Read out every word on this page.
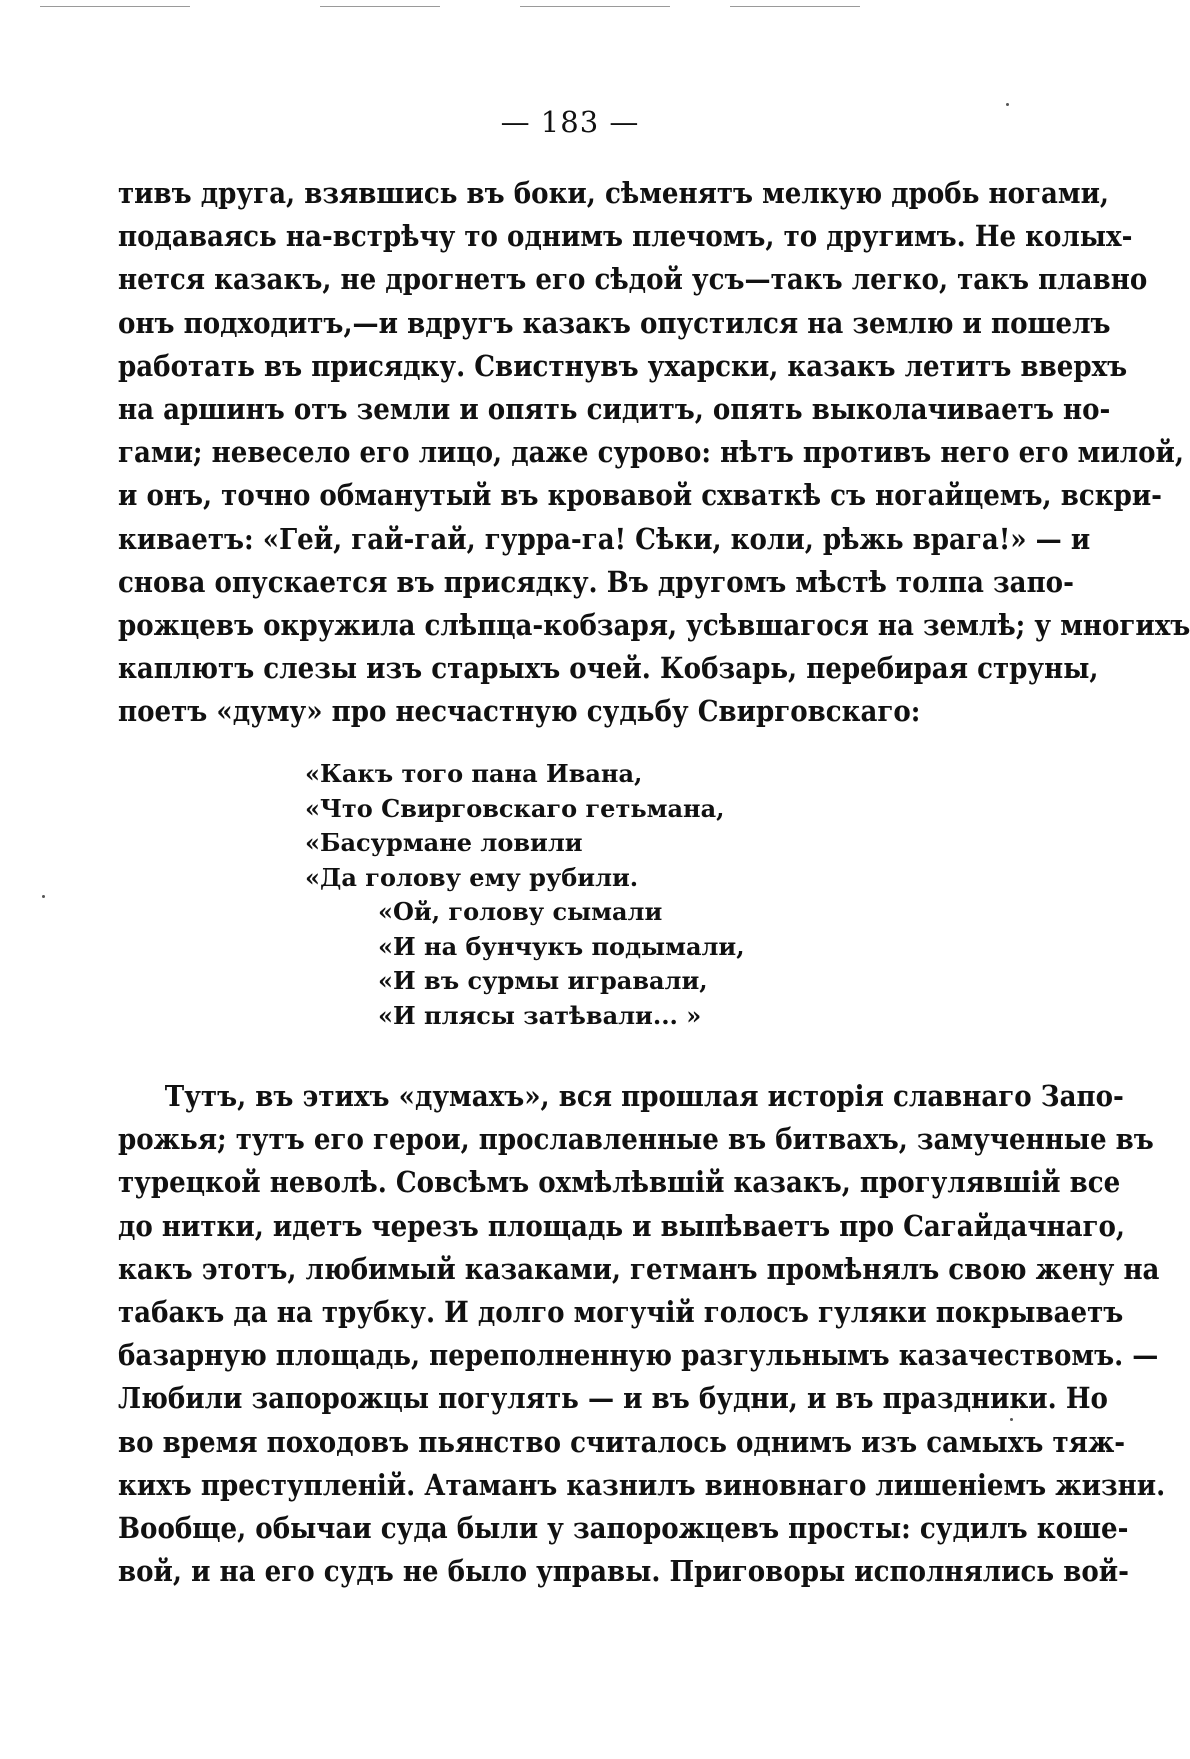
— 183 —
тивъ друга, взявшись въ боки, сѣменятъ мелкую дробь ногами,
подаваясь на-встрѣчу то однимъ плечомъ, то другимъ. Не колых-
нется казакъ, не дрогнетъ его сѣдой усъ—такъ легко, такъ плавно
онъ подходитъ,—и вдругъ казакъ опустился на землю и пошелъ
работать въ присядку. Свистнувъ ухарски, казакъ летитъ вверхъ
на аршинъ отъ земли и опять сидитъ, опять выколачиваетъ но-
гами; невесело его лицо, даже сурово: нѣтъ противъ него его милой,
и онъ, точно обманутый въ кровавой схваткѣ съ ногайцемъ, вскри-
киваетъ: «Гей, гай-гай, гурра-га! Сѣки, коли, рѣжь врага!» — и
снова опускается въ присядку. Въ другомъ мѣстѣ толпа запо-
рожцевъ окружила слѣпца-кобзаря, усѣвшагося на землѣ; у многихъ
каплютъ слезы изъ старыхъ очей. Кобзарь, перебирая струны,
поетъ «думу» про несчастную судьбу Свирговскаго:
«Какъ того пана Ивана,
«Что Свирговскаго гетьмана,
«Басурмане ловили
«Да голову ему рубили.
«Ой, голову сымали
«И на бунчукъ подымали,
«И въ сурмы игравали,
«И плясы затѣвали... »
Тутъ, въ этихъ «думахъ», вся прошлая исторія славнаго Запо-
рожья; тутъ его герои, прославленные въ битвахъ, замученные въ
турецкой неволѣ. Совсѣмъ охмѣлѣвшій казакъ, прогулявшій все
до нитки, идетъ черезъ площадь и выпѣваетъ про Сагайдачнаго,
какъ этотъ, любимый казаками, гетманъ промѣнялъ свою жену на
табакъ да на трубку. И долго могучій голосъ гуляки покрываетъ
базарную площадь, переполненную разгульнымъ казачествомъ. —
Любили запорожцы погулять — и въ будни, и въ праздники. Но
во время походовъ пьянство считалось однимъ изъ самыхъ тяж-
кихъ преступленій. Атаманъ казнилъ виновнаго лишеніемъ жизни.
Вообще, обычаи суда были у запорожцевъ просты: судилъ коше-
вой, и на его судъ не было управы. Приговоры исполнялись вой-
